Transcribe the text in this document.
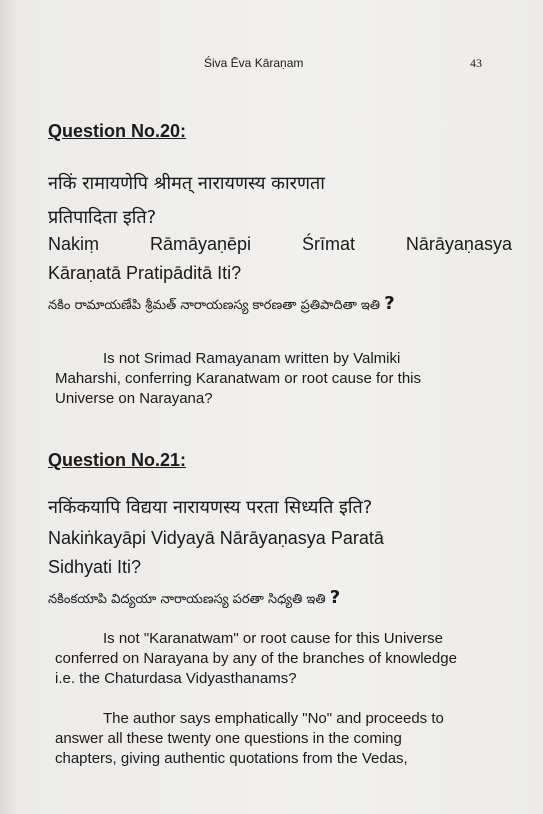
Śiva Ēva Kāraṇam	43
Question No.20:
नकिं रामायणेपि श्रीमत् नारायणस्य कारणता
प्रतिपादिता इति?
Nakiṃ	Rāmāyaṇēpi	Śrīmat	Nārāyaṇasya
Kāraṇatā Pratipāditā Iti?
నకిం రామాయణేపి శ్రీమత్ నారాయణస్య కారణతా ప్రతిపాదితా ఇతి ?
Is not Srimad Ramayanam written by Valmiki
Maharshi, conferring Karanatwam or root cause for this
Universe on Narayana?
Question No.21:
नकिंकयापि विद्यया नारायणस्य परता सिध्यति इति?
Nakiṅkayāpi Vidyayā Nārāyaṇasya Paratā
Sidhyati Iti?
నకింకయాపి విద్యయా నారాయణస్య పరతా సిధ్యతి ఇతి ?
Is not "Karanatwam" or root cause for this Universe
conferred on Narayana by any of the branches of knowledge
i.e. the Chaturdasa Vidyasthanams?
The author says emphatically "No" and proceeds to
answer all these twenty one questions in the coming
chapters, giving authentic quotations from the Vedas,
